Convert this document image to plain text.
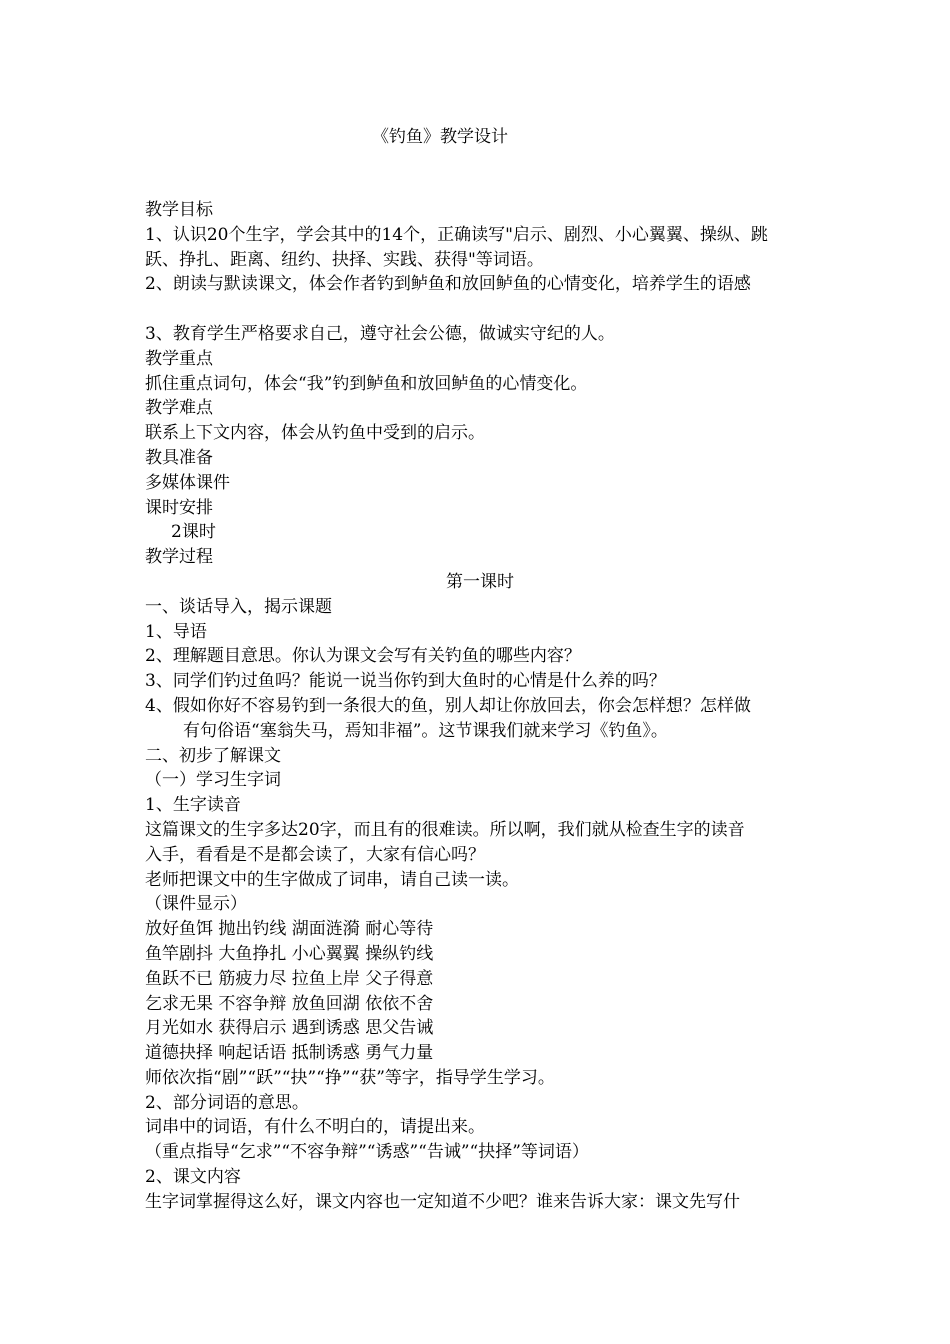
《钓鱼》教学设计
教学目标
1、认识20个生字，学会其中的14个，正确读写"启示、剧烈、小心翼翼、操纵、跳
跃、挣扎、距离、纽约、抉择、实践、获得"等词语。
2、朗读与默读课文，体会作者钓到鲈鱼和放回鲈鱼的心情变化，培养学生的语感
3、教育学生严格要求自己，遵守社会公德，做诚实守纪的人。
教学重点
抓住重点词句，体会“我”钓到鲈鱼和放回鲈鱼的心情变化。
教学难点
联系上下文内容，体会从钓鱼中受到的启示。
教具准备
多媒体课件
课时安排
2课时
教学过程
第一课时
一、谈话导入，揭示课题
1、导语
2、理解题目意思。你认为课文会写有关钓鱼的哪些内容？
3、同学们钓过鱼吗？能说一说当你钓到大鱼时的心情是什么养的吗？
4、假如你好不容易钓到一条很大的鱼，别人却让你放回去，你会怎样想？怎样做
有句俗语“塞翁失马，焉知非福”。这节课我们就来学习《钓鱼》。
二、初步了解课文
（一）学习生字词
1、生字读音
这篇课文的生字多达20字，而且有的很难读。所以啊，我们就从检查生字的读音
入手，看看是不是都会读了，大家有信心吗？
老师把课文中的生字做成了词串，请自己读一读。
（课件显示）
放好鱼饵 抛出钓线 湖面涟漪 耐心等待
鱼竿剧抖 大鱼挣扎 小心翼翼 操纵钓线
鱼跃不已 筋疲力尽 拉鱼上岸 父子得意
乞求无果 不容争辩 放鱼回湖 依依不舍
月光如水 获得启示 遇到诱惑 思父告诫
道德抉择 响起话语 抵制诱惑 勇气力量
师依次指“剧”“跃”“抉”“挣”“获”等字，指导学生学习。
2、部分词语的意思。
词串中的词语，有什么不明白的，请提出来。
（重点指导“乞求”“不容争辩”“诱惑”“告诫”“抉择”等词语）
2、课文内容
生字词掌握得这么好，课文内容也一定知道不少吧？谁来告诉大家：课文先写什
